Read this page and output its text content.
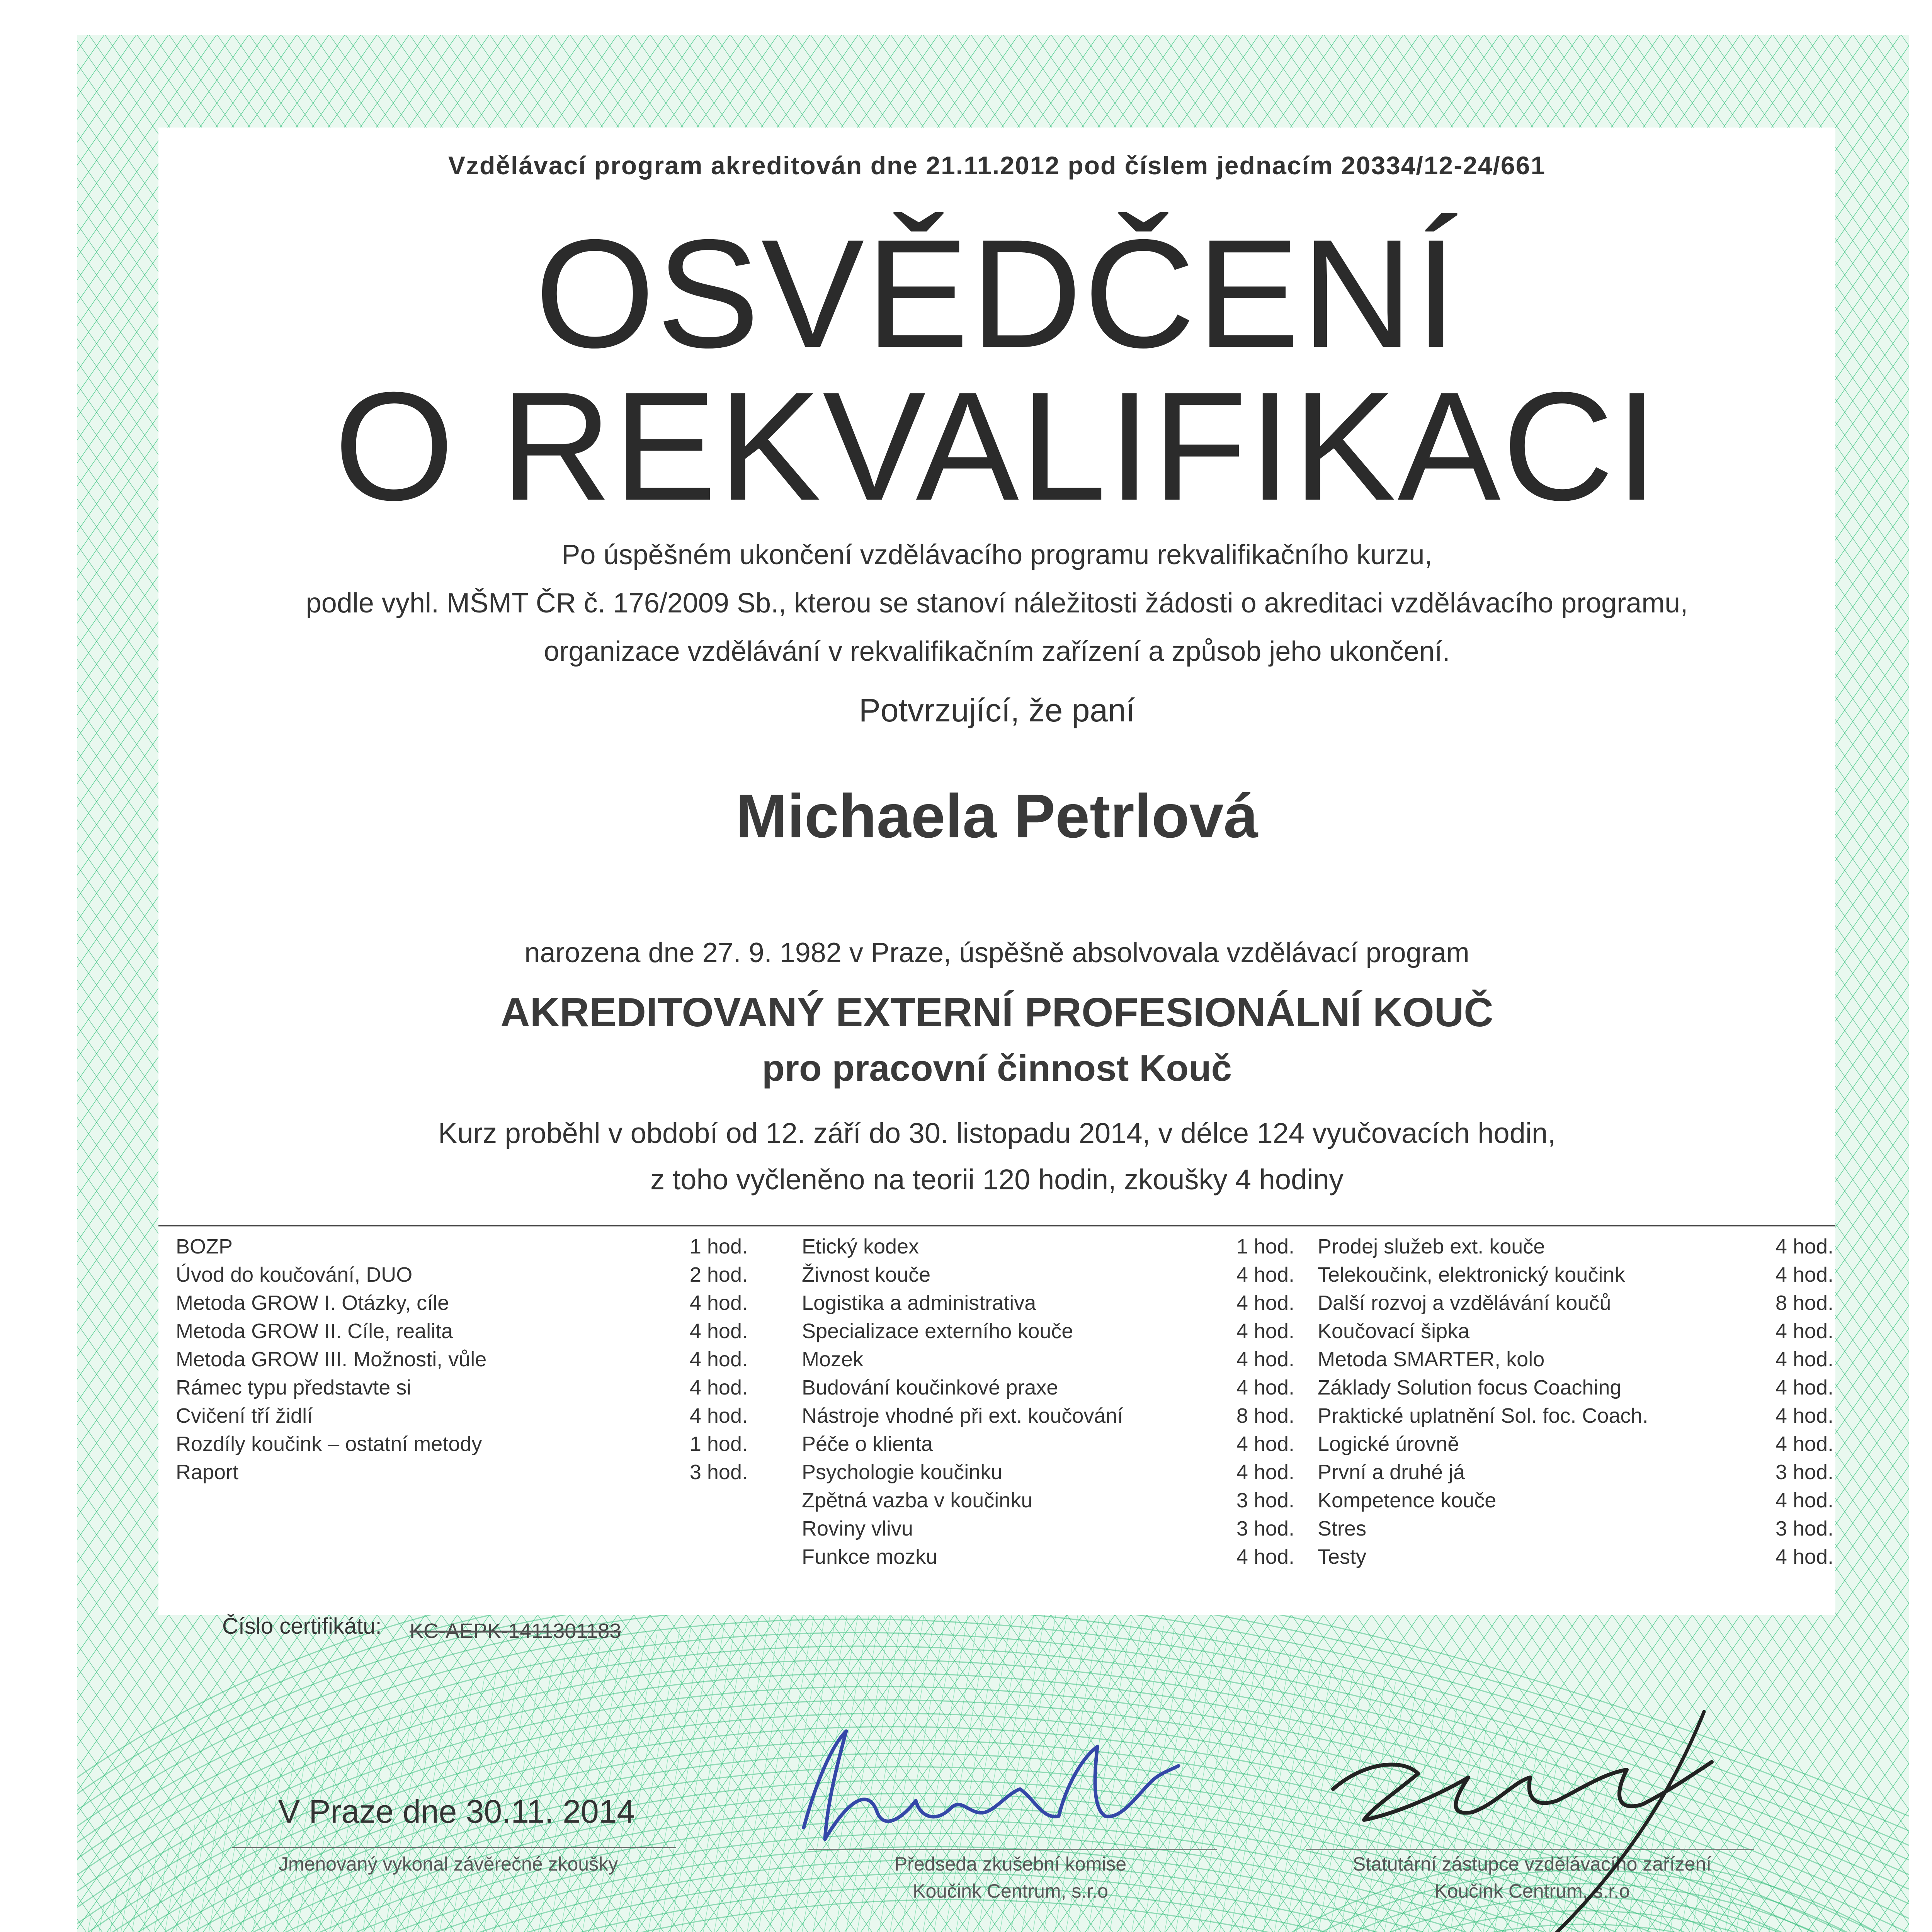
Vzdělávací program akreditován dne 21.11.2012 pod číslem jednacím 20334/12-24/661
OSVĚDČENÍ
O REKVALIFIKACI
Po úspěšném ukončení vzdělávacího programu rekvalifikačního kurzu,
podle vyhl. MŠMT ČR č. 176/2009 Sb., kterou se stanoví náležitosti žádosti o akreditaci vzdělávacího programu,
organizace vzdělávání v rekvalifikačním zařízení a způsob jeho ukončení.
Potvrzující, že paní
Michaela Petrlová
narozena dne 27. 9. 1982 v Praze, úspěšně absolvovala vzdělávací program
AKREDITOVANÝ EXTERNÍ PROFESIONÁLNÍ KOUČ
pro pracovní činnost Kouč
Kurz proběhl v období od 12. září do 30. listopadu 2014, v délce 124 vyučovacích hodin,
z toho vyčleněno na teorii 120 hodin, zkoušky 4 hodiny
BOZP	1 hod.
Úvod do koučování, DUO	2 hod.
Metoda GROW I. Otázky, cíle	4 hod.
Metoda GROW II. Cíle, realita	4 hod.
Metoda GROW III. Možnosti, vůle	4 hod.
Rámec typu představte si	4 hod.
Cvičení tří židlí	4 hod.
Rozdíly koučink – ostatní metody	1 hod.
Raport	3 hod.
Etický kodex	1 hod.
Živnost kouče	4 hod.
Logistika a administrativa	4 hod.
Specializace externího kouče	4 hod.
Mozek	4 hod.
Budování koučinkové praxe	4 hod.
Nástroje vhodné při ext. koučování	8 hod.
Péče o klienta	4 hod.
Psychologie koučinku	4 hod.
Zpětná vazba v koučinku	3 hod.
Roviny vlivu	3 hod.
Funkce mozku	4 hod.
Prodej služeb ext. kouče	4 hod.
Telekoučink, elektronický koučink	4 hod.
Další rozvoj a vzdělávání koučů	8 hod.
Koučovací šipka	4 hod.
Metoda SMARTER, kolo	4 hod.
Základy Solution focus Coaching	4 hod.
Praktické uplatnění Sol. foc. Coach.	4 hod.
Logické úrovně	4 hod.
První a druhé já	3 hod.
Kompetence kouče	4 hod.
Stres	3 hod.
Testy	4 hod.
Číslo certifikátu: KC-AEPK-1411301183
V Praze dne 30.11. 2014
Jmenovaný vykonal závěrečné zkoušky	Předseda zkušební komise
Koučink Centrum, s.r.o
Statutární zástupce vzdělávacího zařízení
Koučink Centrum, s.r.o
